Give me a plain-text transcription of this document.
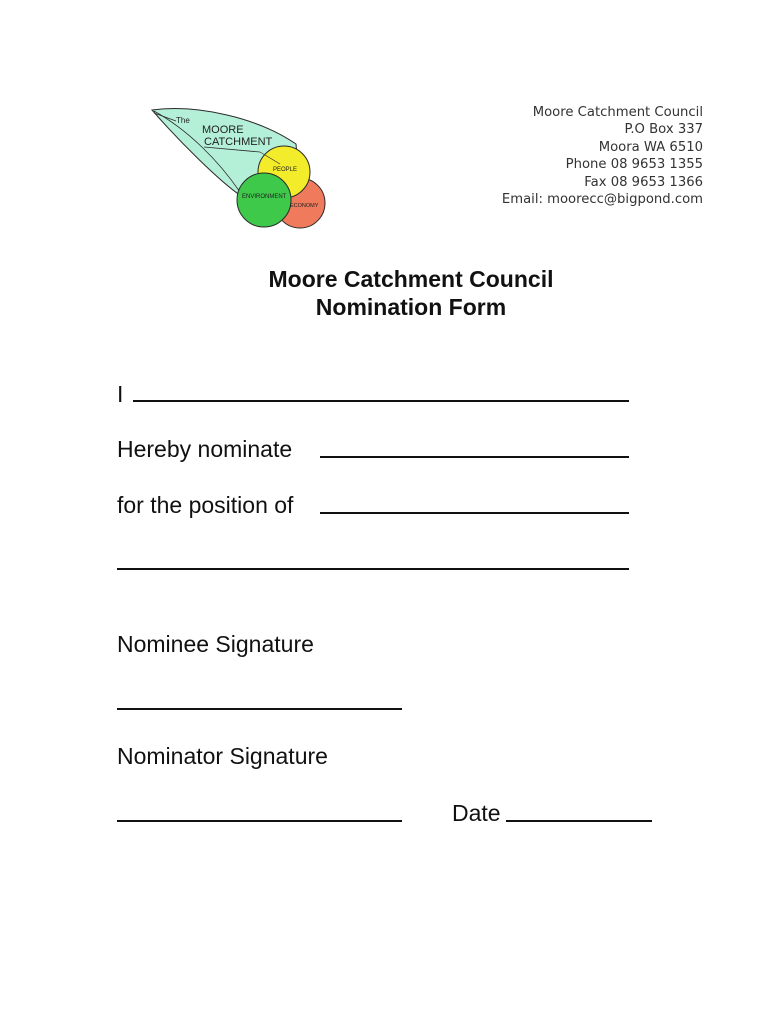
The
MOORE
CATCHMENT
PEOPLE
ENVIRONMENT
ECONOMY
Moore Catchment Council
P.O Box 337
Moora WA 6510
Phone 08 9653 1355
Fax 08 9653 1366
Email: moorecc@bigpond.com
Moore Catchment Council
Nomination Form
I
Hereby nominate
for the position of
Nominee Signature
Nominator Signature
Date
